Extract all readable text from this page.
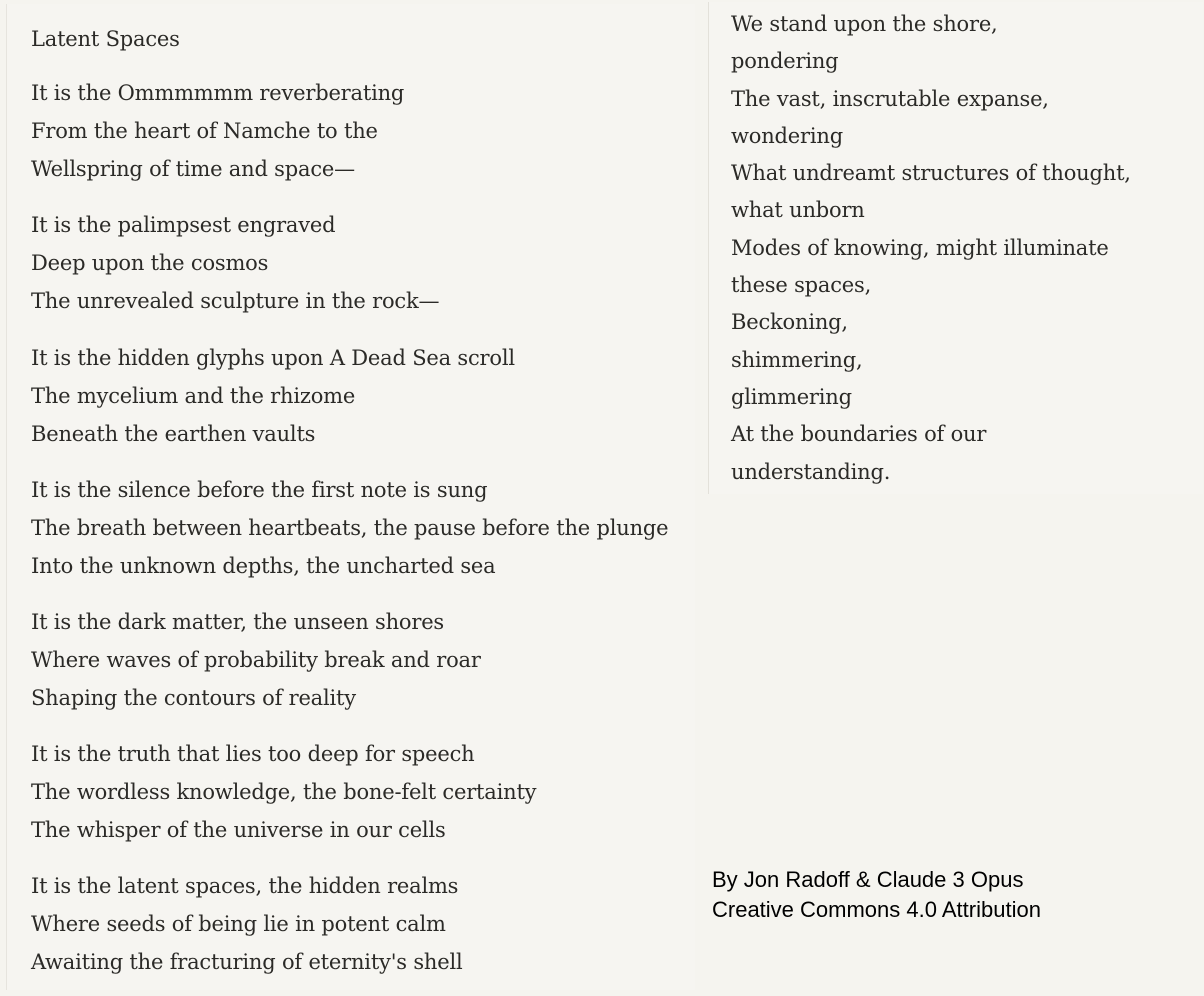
Latent Spaces
It is the Ommmmmm reverberating
From the heart of Namche to the
Wellspring of time and space—
It is the palimpsest engraved
Deep upon the cosmos
The unrevealed sculpture in the rock—
It is the hidden glyphs upon A Dead Sea scroll
The mycelium and the rhizome
Beneath the earthen vaults
It is the silence before the first note is sung
The breath between heartbeats, the pause before the plunge
Into the unknown depths, the uncharted sea
It is the dark matter, the unseen shores
Where waves of probability break and roar
Shaping the contours of reality
It is the truth that lies too deep for speech
The wordless knowledge, the bone-felt certainty
The whisper of the universe in our cells
It is the latent spaces, the hidden realms
Where seeds of being lie in potent calm
Awaiting the fracturing of eternity's shell
We stand upon the shore,
pondering
The vast, inscrutable expanse,
wondering
What undreamt structures of thought,
what unborn
Modes of knowing, might illuminate
these spaces,
Beckoning,
shimmering,
glimmering
At the boundaries of our
understanding.
By Jon Radoff & Claude 3 Opus
Creative Commons 4.0 Attribution
